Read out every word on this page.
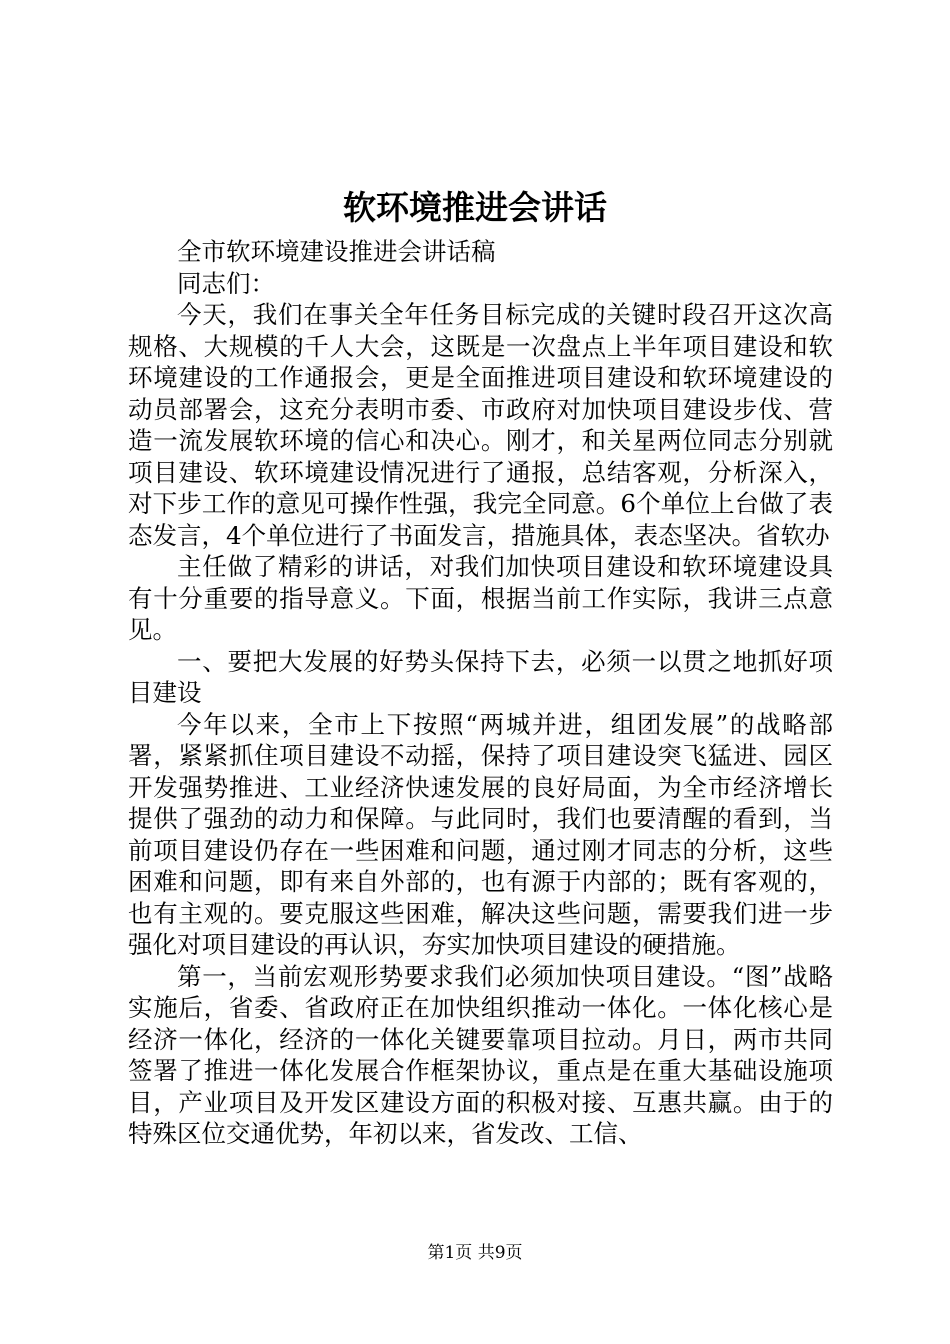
软环境推进会讲话

全市软环境建设推进会讲话稿

同志们：

今天，我们在事关全年任务目标完成的关键时段召开这次高规格、大规模的千人大会，这既是一次盘点上半年项目建设和软环境建设的工作通报会，更是全面推进项目建设和软环境建设的动员部署会，这充分表明市委、市政府对加快项目建设步伐、营造一流发展软环境的信心和决心。刚才，和关星两位同志分别就项目建设、软环境建设情况进行了通报，总结客观，分析深入，对下步工作的意见可操作性强，我完全同意。6个单位上台做了表态发言，4个单位进行了书面发言，措施具体，表态坚决。省软办

主任做了精彩的讲话，对我们加快项目建设和软环境建设具有十分重要的指导意义。下面，根据当前工作实际，我讲三点意见。

一、要把大发展的好势头保持下去，必须一以贯之地抓好项目建设

今年以来，全市上下按照“两城并进，组团发展”的战略部署，紧紧抓住项目建设不动摇，保持了项目建设突飞猛进、园区开发强势推进、工业经济快速发展的良好局面，为全市经济增长提供了强劲的动力和保障。与此同时，我们也要清醒的看到，当前项目建设仍存在一些困难和问题，通过刚才同志的分析，这些困难和问题，即有来自外部的，也有源于内部的；既有客观的，也有主观的。要克服这些困难，解决这些问题，需要我们进一步强化对项目建设的再认识，夯实加快项目建设的硬措施。

第一，当前宏观形势要求我们必须加快项目建设。“图”战略实施后，省委、省政府正在加快组织推动一体化。一体化核心是经济一体化，经济的一体化关键要靠项目拉动。月日，两市共同签署了推进一体化发展合作框架协议，重点是在重大基础设施项目，产业项目及开发区建设方面的积极对接、互惠共赢。由于的特殊区位交通优势，年初以来，省发改、工信、

第1页 共9页
